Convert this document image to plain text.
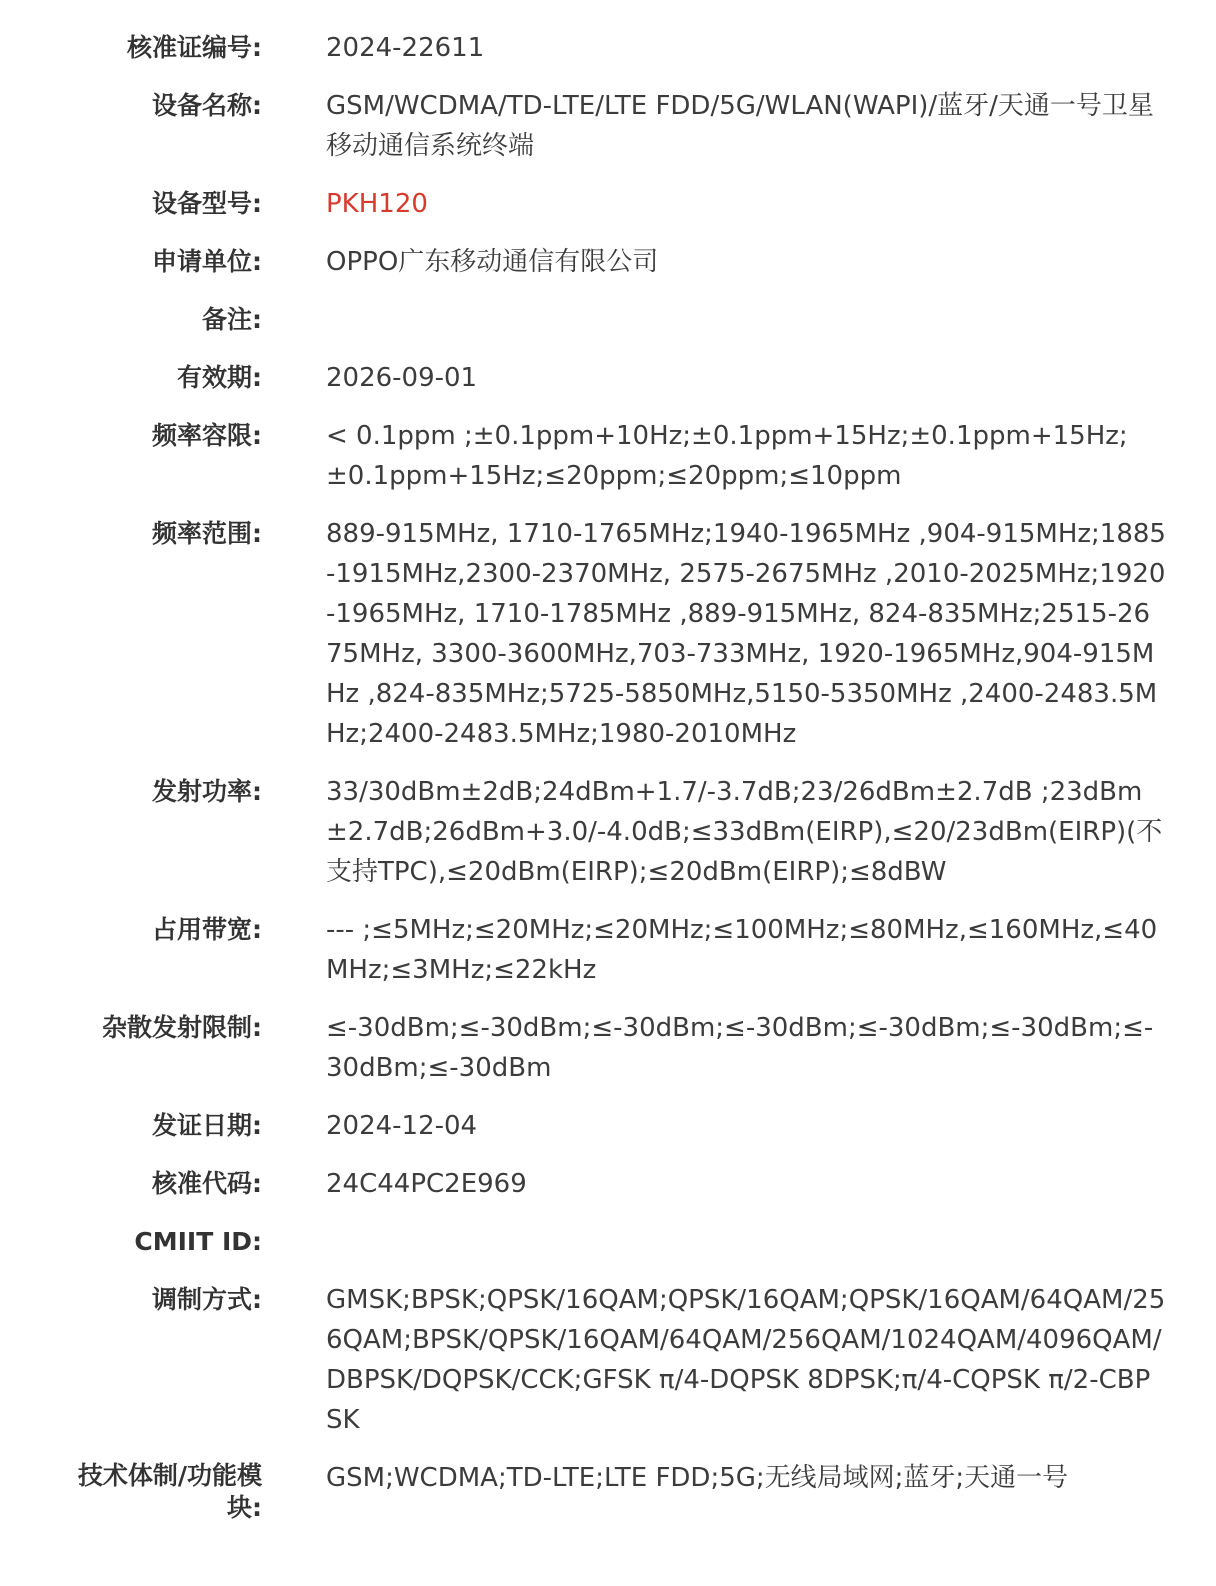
核准证编号: 2024-22611
设备名称: GSM/WCDMA/TD-LTE/LTE FDD/5G/WLAN(WAPI)/蓝牙/天通一号卫星移动通信系统终端
设备型号: PKH120
申请单位: OPPO广东移动通信有限公司
备注:
有效期: 2026-09-01
频率容限: < 0.1ppm ;±0.1ppm+10Hz;±0.1ppm+15Hz;±0.1ppm+15Hz;±0.1ppm+15Hz;≤20ppm;≤20ppm;≤10ppm
频率范围: 889-915MHz, 1710-1765MHz;1940-1965MHz ,904-915MHz;1885-1915MHz,2300-2370MHz, 2575-2675MHz ,2010-2025MHz;1920-1965MHz, 1710-1785MHz ,889-915MHz, 824-835MHz;2515-2675MHz, 3300-3600MHz,703-733MHz, 1920-1965MHz,904-915MHz ,824-835MHz;5725-5850MHz,5150-5350MHz ,2400-2483.5MHz;2400-2483.5MHz;1980-2010MHz
发射功率: 33/30dBm±2dB;24dBm+1.7/-3.7dB;23/26dBm±2.7dB ;23dBm±2.7dB;26dBm+3.0/-4.0dB;≤33dBm(EIRP),≤20/23dBm(EIRP)(不支持TPC),≤20dBm(EIRP);≤20dBm(EIRP);≤8dBW
占用带宽: --- ;≤5MHz;≤20MHz;≤20MHz;≤100MHz;≤80MHz,≤160MHz,≤40MHz;≤3MHz;≤22kHz
杂散发射限制: ≤-30dBm;≤-30dBm;≤-30dBm;≤-30dBm;≤-30dBm;≤-30dBm;≤-30dBm;≤-30dBm
发证日期: 2024-12-04
核准代码: 24C44PC2E969
CMIIT ID:
调制方式: GMSK;BPSK;QPSK/16QAM;QPSK/16QAM;QPSK/16QAM/64QAM/256QAM;BPSK/QPSK/16QAM/64QAM/256QAM/1024QAM/4096QAM/DBPSK/DQPSK/CCK;GFSK π/4-DQPSK 8DPSK;π/4-CQPSK π/2-CBPSK
技术体制/功能模块:
GSM;WCDMA;TD-LTE;LTE FDD;5G;无线局域网;蓝牙;天通一号
